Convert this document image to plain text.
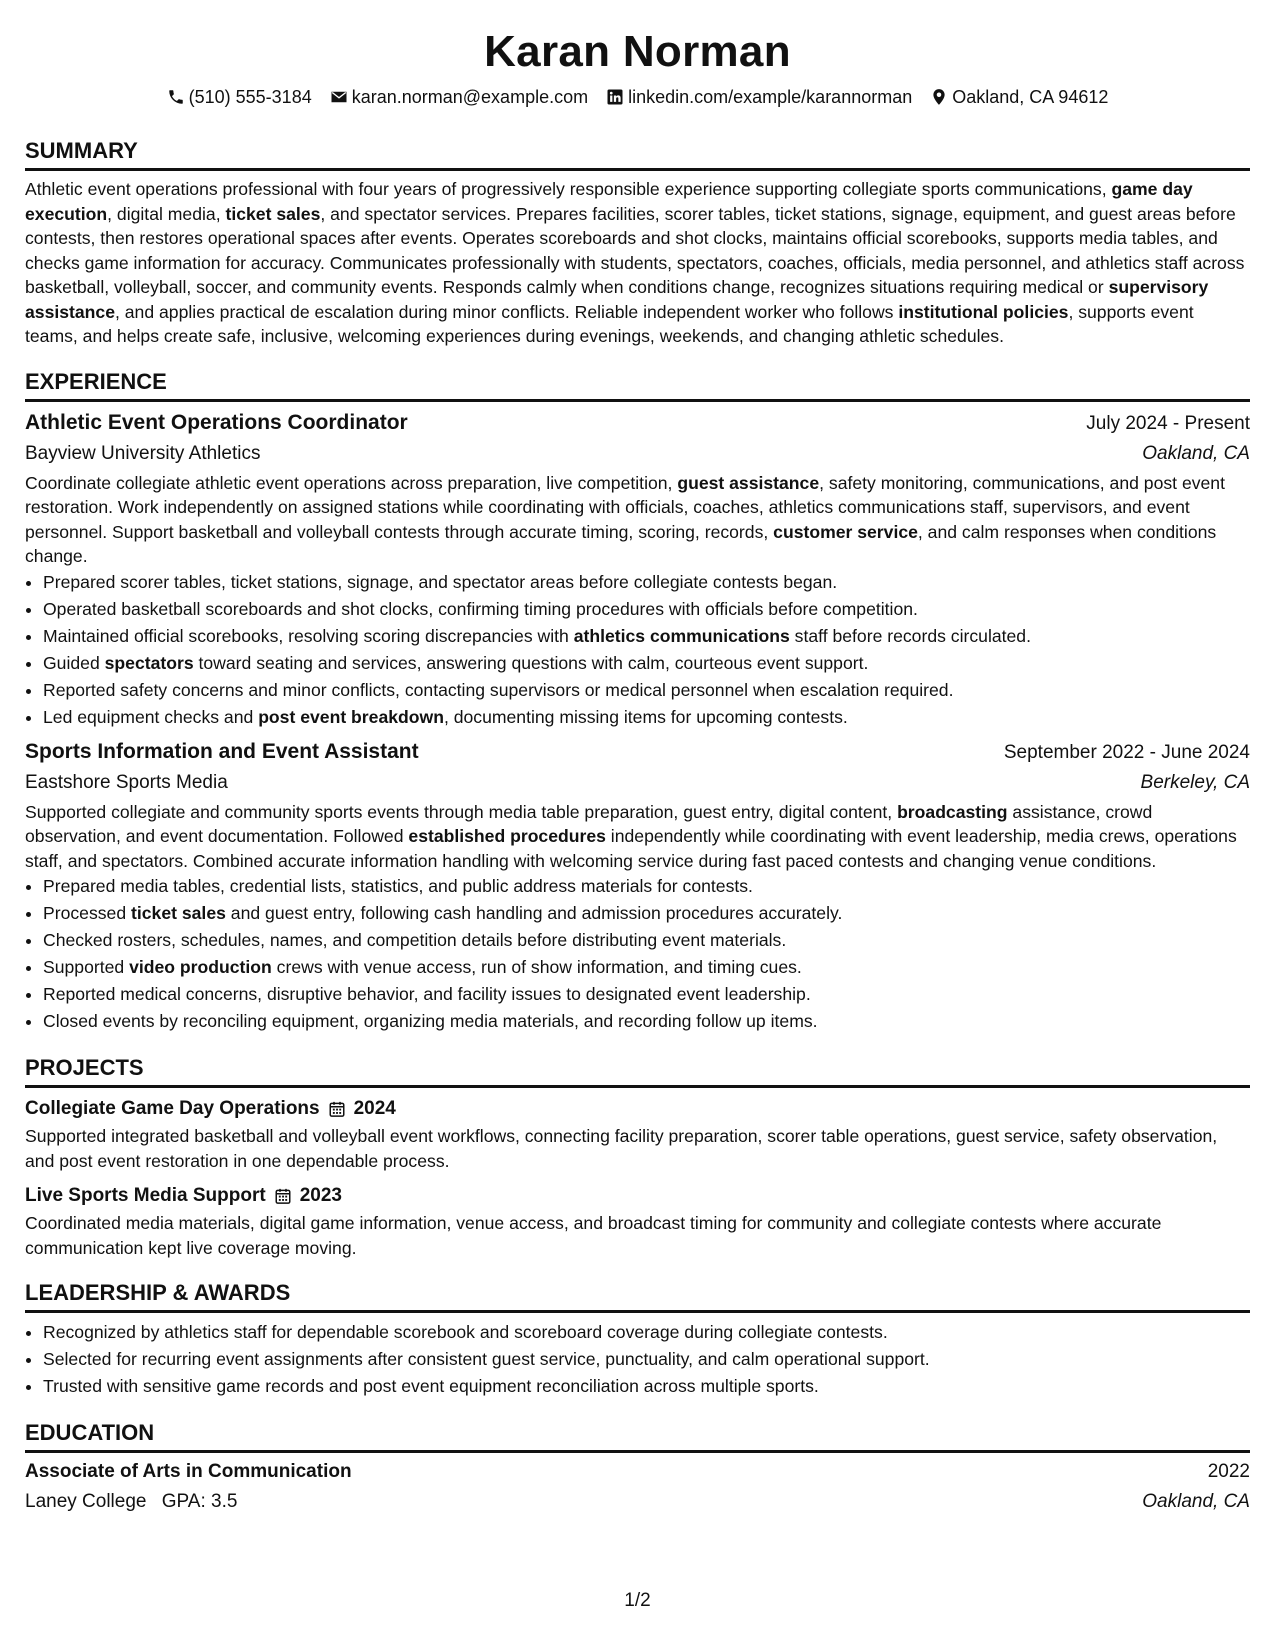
Karan Norman
(510) 555-3184 karan.norman@example.com linkedin.com/example/karannorman Oakland, CA 94612
SUMMARY

Athletic event operations professional with four years of progressively responsible experience supporting collegiate sports communications, game day execution, digital media, ticket sales, and spectator services. Prepares facilities, scorer tables, ticket stations, signage, equipment, and guest areas before contests, then restores operational spaces after events. Operates scoreboards and shot clocks, maintains official scorebooks, supports media tables, and checks game information for accuracy. Communicates professionally with students, spectators, coaches, officials, media personnel, and athletics staff across basketball, volleyball, soccer, and community events. Responds calmly when conditions change, recognizes situations requiring medical or supervisory assistance, and applies practical de escalation during minor conflicts. Reliable independent worker who follows institutional policies, supports event teams, and helps create safe, inclusive, welcoming experiences during evenings, weekends, and changing athletic schedules.

EXPERIENCE
Athletic Event Operations Coordinator	July 2024 - Present
Bayview University Athletics	Oakland, CA

Coordinate collegiate athletic event operations across preparation, live competition, guest assistance, safety monitoring, communications, and post event restoration. Work independently on assigned stations while coordinating with officials, coaches, athletics communications staff, supervisors, and event personnel. Support basketball and volleyball contests through accurate timing, scoring, records, customer service, and calm responses when conditions change.

• Prepared scorer tables, ticket stations, signage, and spectator areas before collegiate contests began.
• Operated basketball scoreboards and shot clocks, confirming timing procedures with officials before competition.
• Maintained official scorebooks, resolving scoring discrepancies with athletics communications staff before records circulated.
• Guided spectators toward seating and services, answering questions with calm, courteous event support.
• Reported safety concerns and minor conflicts, contacting supervisors or medical personnel when escalation required.
• Led equipment checks and post event breakdown, documenting missing items for upcoming contests.
Sports Information and Event Assistant	September 2022 - June 2024
Eastshore Sports Media	Berkeley, CA

Supported collegiate and community sports events through media table preparation, guest entry, digital content, broadcasting assistance, crowd observation, and event documentation. Followed established procedures independently while coordinating with event leadership, media crews, operations staff, and spectators. Combined accurate information handling with welcoming service during fast paced contests and changing venue conditions.

• Prepared media tables, credential lists, statistics, and public address materials for contests.
• Processed ticket sales and guest entry, following cash handling and admission procedures accurately.
• Checked rosters, schedules, names, and competition details before distributing event materials.
• Supported video production crews with venue access, run of show information, and timing cues.
• Reported medical concerns, disruptive behavior, and facility issues to designated event leadership.
• Closed events by reconciling equipment, organizing media materials, and recording follow up items.
PROJECTS
Collegiate Game Day Operations 2024

Supported integrated basketball and volleyball event workflows, connecting facility preparation, scorer table operations, guest service, safety observation, and post event restoration in one dependable process.

Live Sports Media Support 2023

Coordinated media materials, digital game information, venue access, and broadcast timing for community and collegiate contests where accurate communication kept live coverage moving.

LEADERSHIP & AWARDS
• Recognized by athletics staff for dependable scorebook and scoreboard coverage during collegiate contests.
• Selected for recurring event assignments after consistent guest service, punctuality, and calm operational support.
• Trusted with sensitive game records and post event equipment reconciliation across multiple sports.
EDUCATION
Associate of Arts in Communication	2022
Laney College GPA: 3.5	Oakland, CA
1/2
